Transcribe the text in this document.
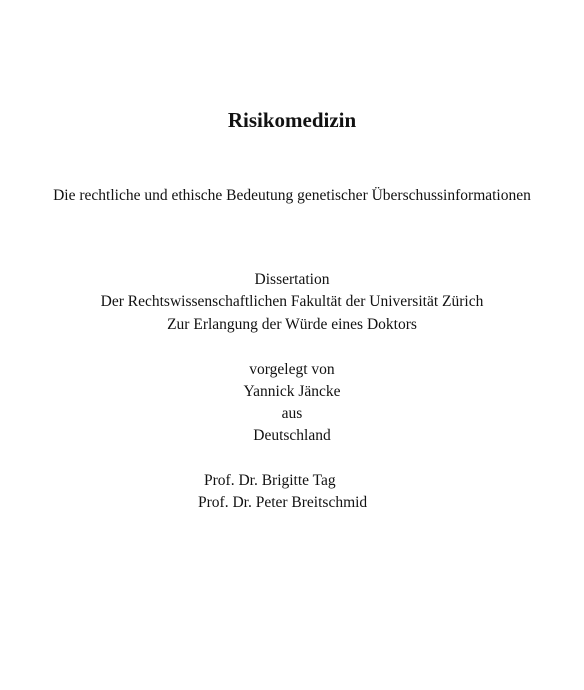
Risikomedizin
Die rechtliche und ethische Bedeutung genetischer Überschussinformationen
Dissertation
Der Rechtswissenschaftlichen Fakultät der Universität Zürich
Zur Erlangung der Würde eines Doktors
vorgelegt von
Yannick Jäncke
aus
Deutschland
Prof. Dr. Brigitte Tag
Prof. Dr. Peter Breitschmid
